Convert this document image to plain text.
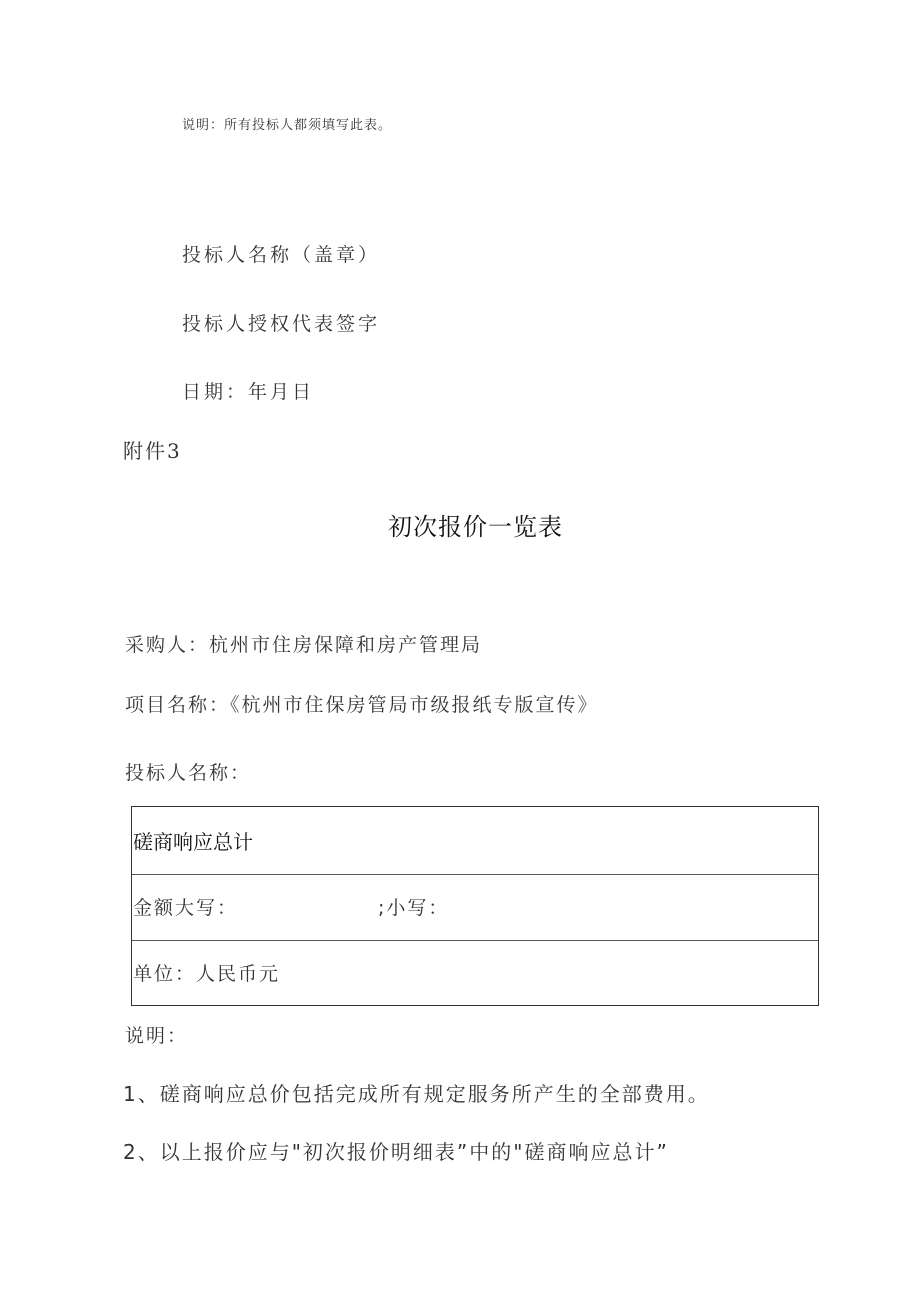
说明：所有投标人都须填写此表。
投标人名称（盖章）
投标人授权代表签字
日期：年月日
附件3
初次报价一览表
采购人：杭州市住房保障和房产管理局
项目名称：《杭州市住保房管局市级报纸专版宣传》
投标人名称：
磋商响应总计
金额大写：	;小写：
单位：人民币元
说明：
1、磋商响应总价包括完成所有规定服务所产生的全部费用。
2、以上报价应与"初次报价明细表”中的"磋商响应总计”
